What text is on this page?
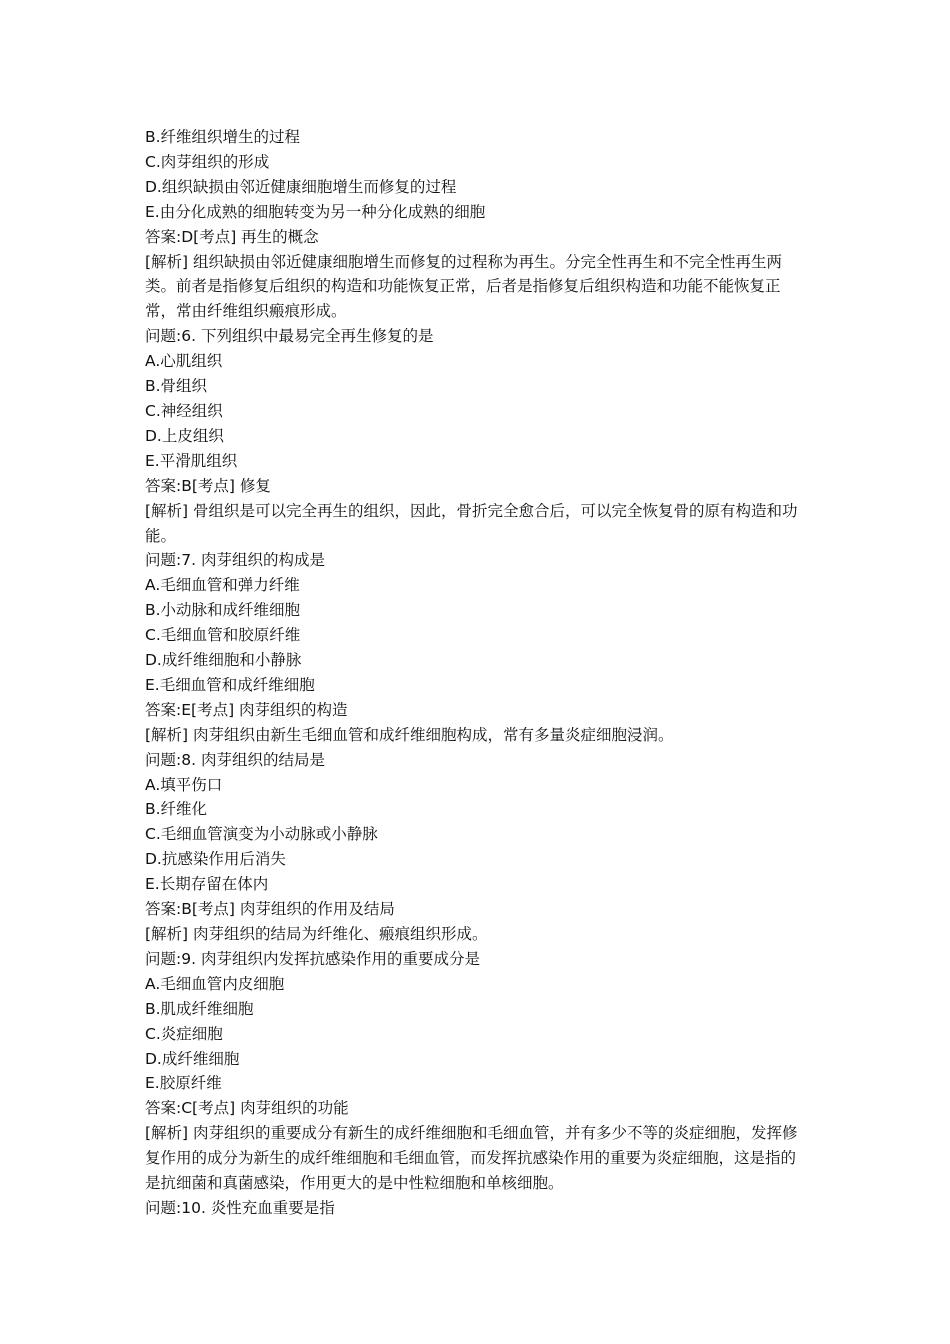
B.纤维组织增生的过程

C.肉芽组织的形成

D.组织缺损由邻近健康细胞增生而修复的过程

E.由分化成熟的细胞转变为另一种分化成熟的细胞

答案:D[考点] 再生的概念

[解析] 组织缺损由邻近健康细胞增生而修复的过程称为再生。分完全性再生和不完全性再生两类。前者是指修复后组织的构造和功能恢复正常，后者是指修复后组织构造和功能不能恢复正常，常由纤维组织瘢痕形成。

问题:6. 下列组织中最易完全再生修复的是

A.心肌组织

B.骨组织

C.神经组织

D.上皮组织

E.平滑肌组织

答案:B[考点] 修复

[解析] 骨组织是可以完全再生的组织，因此，骨折完全愈合后，可以完全恢复骨的原有构造和功能。

问题:7. 肉芽组织的构成是

A.毛细血管和弹力纤维

B.小动脉和成纤维细胞

C.毛细血管和胶原纤维

D.成纤维细胞和小静脉

E.毛细血管和成纤维细胞

答案:E[考点] 肉芽组织的构造

[解析] 肉芽组织由新生毛细血管和成纤维细胞构成，常有多量炎症细胞浸润。

问题:8. 肉芽组织的结局是

A.填平伤口

B.纤维化

C.毛细血管演变为小动脉或小静脉

D.抗感染作用后消失

E.长期存留在体内

答案:B[考点] 肉芽组织的作用及结局

[解析] 肉芽组织的结局为纤维化、瘢痕组织形成。

问题:9. 肉芽组织内发挥抗感染作用的重要成分是

A.毛细血管内皮细胞

B.肌成纤维细胞

C.炎症细胞

D.成纤维细胞

E.胶原纤维

答案:C[考点] 肉芽组织的功能

[解析] 肉芽组织的重要成分有新生的成纤维细胞和毛细血管，并有多少不等的炎症细胞，发挥修复作用的成分为新生的成纤维细胞和毛细血管，而发挥抗感染作用的重要为炎症细胞，这是指的是抗细菌和真菌感染，作用更大的是中性粒细胞和单核细胞。

问题:10. 炎性充血重要是指
